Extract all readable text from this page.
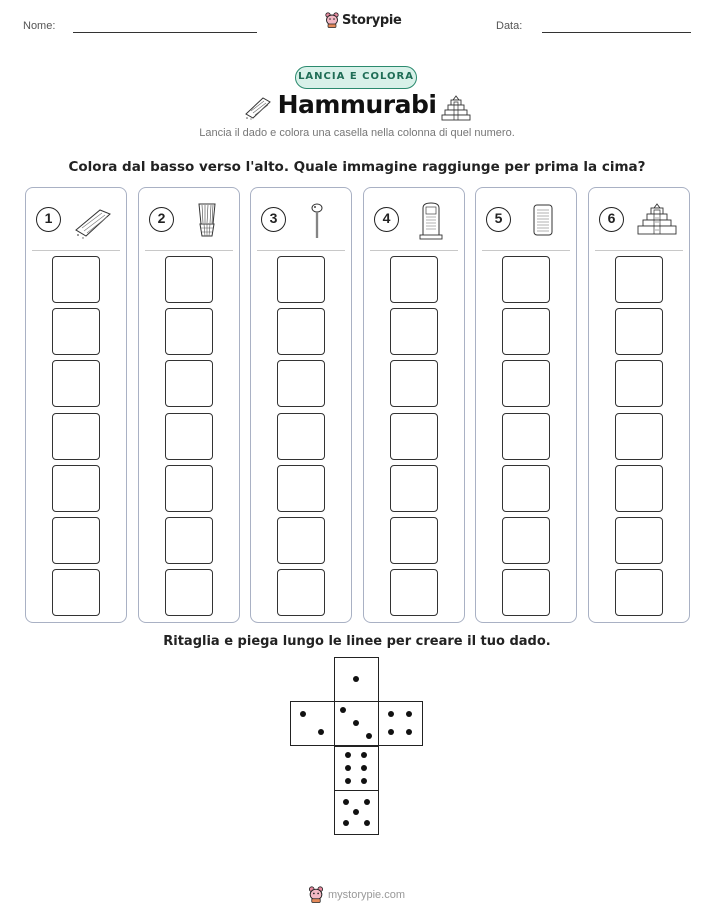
Nome:	Storypie	Data:
LANCIA E COLORA
Hammurabi
Lancia il dado e colora una casella nella colonna di quel numero.
Colora dal basso verso l'alto. Quale immagine raggiunge per prima la cima?
1	2	3	4	5	6
Ritaglia e piega lungo le linee per creare il tuo dado.
mystorypie.com
